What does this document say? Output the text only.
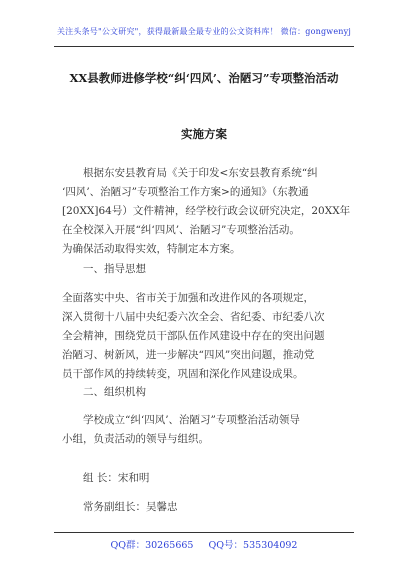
关注头条号"公文研究"，获得最新最全最专业的公文资料库！ 微信：gongwenyj
XX县教师进修学校“纠‘四风’、治陋习”专项整治活动
实施方案
根据东安县教育局《关于印发<东安县教育系统“纠
‘四风’、治陋习”专项整治工作方案>的通知》（东教通
[20XX]64号）文件精神，经学校行政会议研究决定，20XX年
在全校深入开展“纠‘四风’、治陋习”专项整治活动。
为确保活动取得实效，特制定本方案。
一、指导思想
全面落实中央、省市关于加强和改进作风的各项规定，
深入贯彻十八届中央纪委六次全会、省纪委、市纪委八次
全会精神，围绕党员干部队伍作风建设中存在的突出问题
治陋习、树新风，进一步解决“四风”突出问题，推动党
员干部作风的持续转变，巩固和深化作风建设成果。
二、组织机构
学校成立“纠‘四风’、治陋习”专项整治活动领导
小组，负责活动的领导与组织。
组 长：宋和明
常务副组长：吴馨忠
QQ群：30265665 QQ号：535304092
